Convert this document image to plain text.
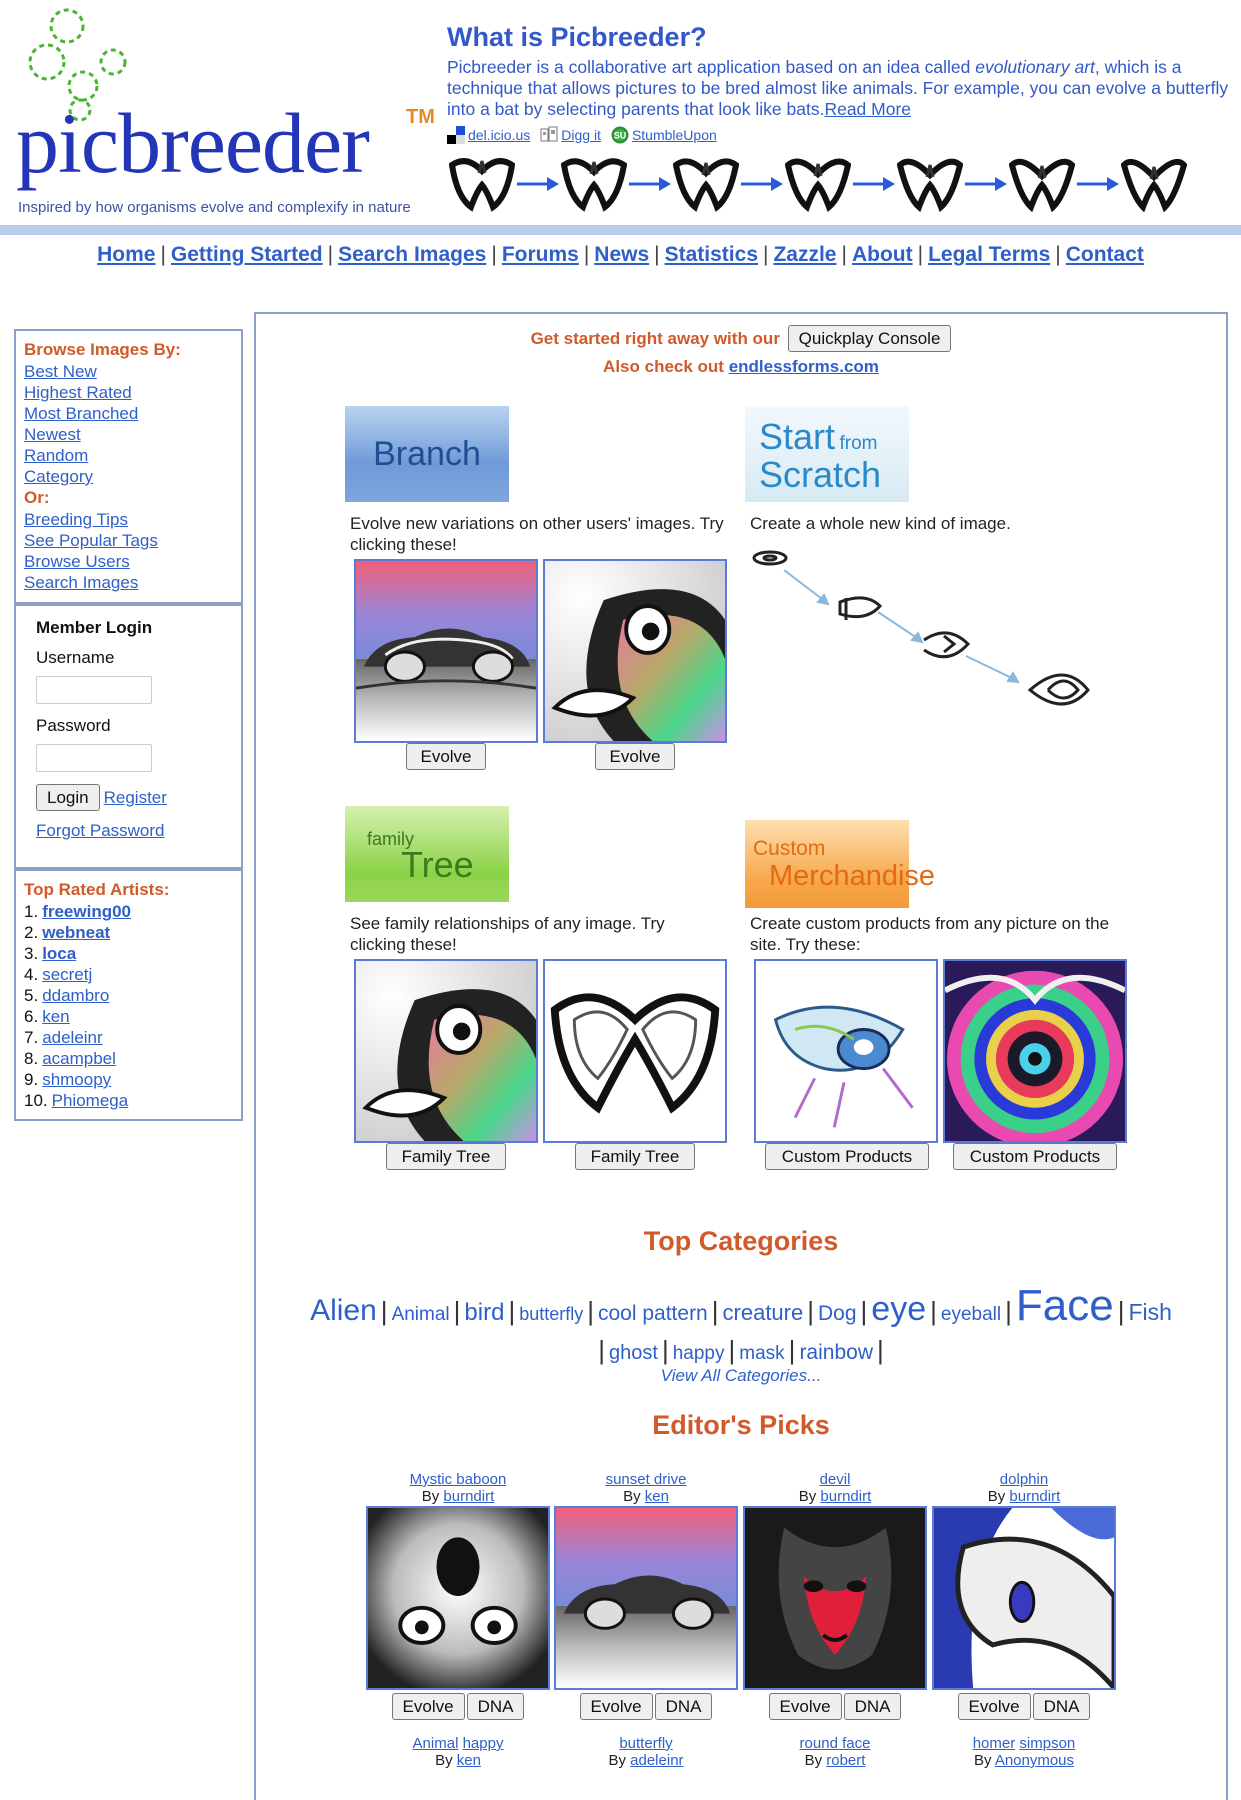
picbreeder TM
Inspired by how organisms evolve and complexify in nature
What is Picbreeder?
Picbreeder is a collaborative art application based on an idea called evolutionary art, which is a technique that allows pictures to be bred almost like animals. For example, you can evolve a butterfly into a bat by selecting parents that look like bats.Read More
del.icio.us Digg it SU StumbleUpon
Home | Getting Started | Search Images | Forums | News | Statistics | Zazzle | About | Legal Terms | Contact
Browse Images By:
Best New
Highest Rated
Most Branched
Newest
Random
Category
Or:
Breeding Tips
See Popular Tags
Browse Users
Search Images
Member Login
Username
Password
Login Register
Forgot Password
Top Rated Artists:
1. freewing00
2. webneat
3. loca
4. secretj
5. ddambro
6. ken
7. adeleinr
8. acampbel
9. shmoopy
10. Phiomega
Get started right away with our Quickplay Console
Also check out endlessforms.com
Branch
Evolve new variations on other users' images. Try clicking these!
Evolve	Evolve
Start from
Scratch
Create a whole new kind of image.
family
Tree
See family relationships of any image. Try clicking these!
Family Tree	Family Tree
Custom
Merchandise
Create custom products from any picture on the site. Try these:
Custom Products	Custom Products
Top Categories
Alien | Animal | bird | butterfly | cool pattern | creature | Dog | eye | eyeball |Face | Fish
| ghost | happy | mask | rainbow |
View All Categories...
Editor's Picks
Mystic baboon
By burndirt
Evolve	DNA
Animal happy
By ken
sunset drive
By ken
Evolve	DNA
butterfly
By adeleinr
devil
By burndirt
Evolve	DNA
round face
By robert
dolphin
By burndirt
Evolve	DNA
homer simpson
By Anonymous
